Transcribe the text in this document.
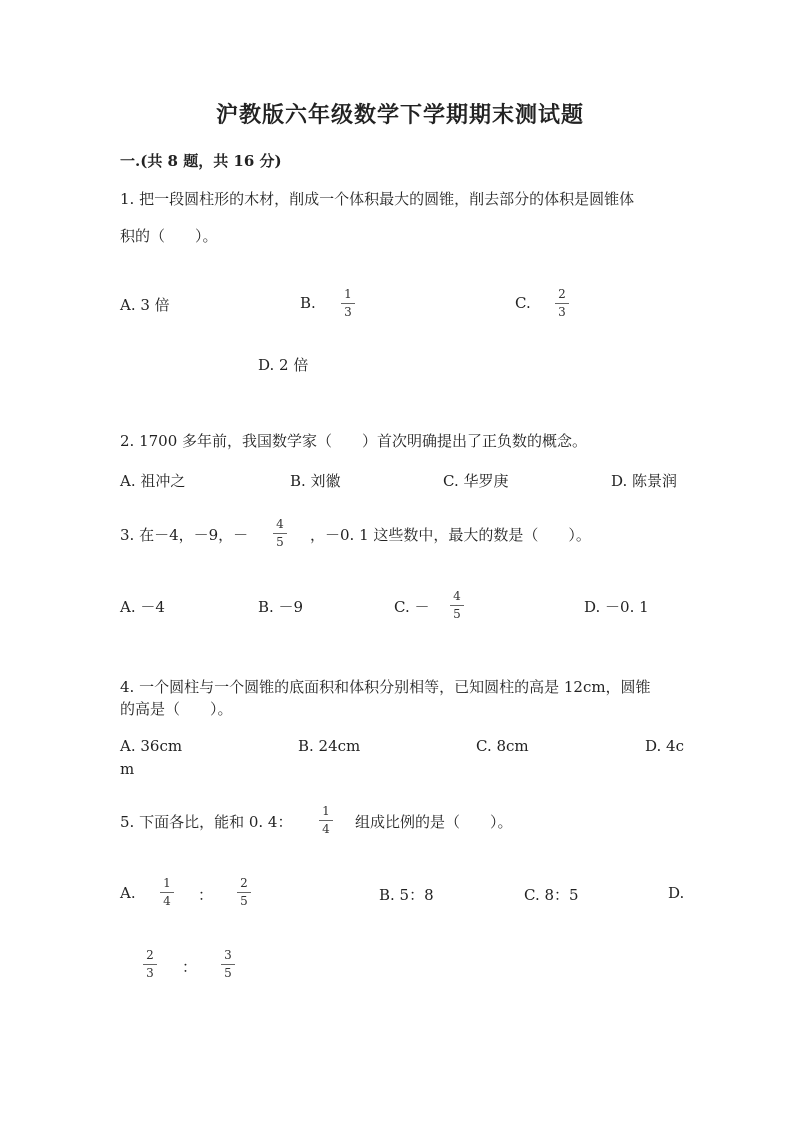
沪教版六年级数学下学期期末测试题
一.(共 8 题，共 16 分)
1. 把一段圆柱形的木材，削成一个体积最大的圆锥，削去部分的体积是圆锥体
积的（　　）。
A. 3 倍	B.	1
3	C.	2
3
D. 2 倍
2. 1700 多年前，我国数学家（　　）首次明确提出了正负数的概念。
A. 祖冲之	B. 刘徽	C. 华罗庚	D. 陈景润
3. 在－4，－9，－
4
5 ，－0. 1 这些数中，最大的数是（　　）。
A. －4	B. －9	C. －
4
5	D. －0. 1
4. 一个圆柱与一个圆锥的底面积和体积分别相等，已知圆柱的高是 12cm，圆锥
的高是（　　）。
A. 36cm	B. 24cm	C. 8cm	D. 4c
m
5. 下面各比，能和 0. 4：
1
4 组成比例的是（　　）。
A.
1
4 ：
2
5	B. 5：8	C. 8：5	D.
2
3 ：
3
5
